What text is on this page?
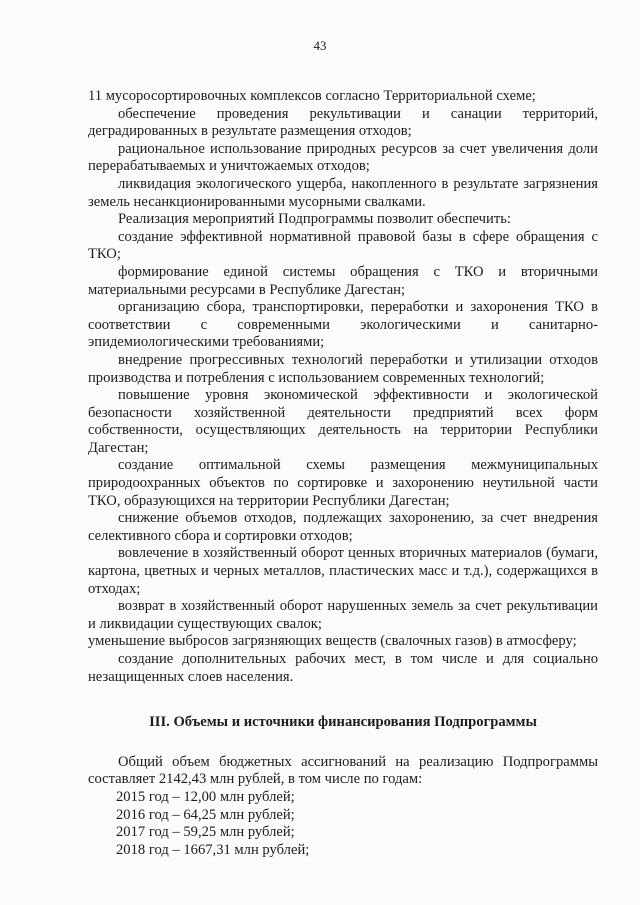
43

11 мусоросортировочных комплексов согласно Территориальной схеме;

обеспечение проведения рекультивации и санации территорий, деградированных в результате размещения отходов;

рациональное использование природных ресурсов за счет увеличения доли перерабатываемых и уничтожаемых отходов;

ликвидация экологического ущерба, накопленного в результате загрязнения земель несанкционированными мусорными свалками.

Реализация мероприятий Подпрограммы позволит обеспечить:

создание эффективной нормативной правовой базы в сфере обращения с ТКО;

формирование единой системы обращения с ТКО и вторичными материальными ресурсами в Республике Дагестан;

организацию сбора, транспортировки, переработки и захоронения ТКО в соответствии с современными экологическими и санитарно-эпидемиологическими требованиями;

внедрение прогрессивных технологий переработки и утилизации отходов производства и потребления с использованием современных технологий;

повышение уровня экономической эффективности и экологической безопасности хозяйственной деятельности предприятий всех форм собственности, осуществляющих деятельность на территории Республики Дагестан;

создание оптимальной схемы размещения межмуниципальных природоохранных объектов по сортировке и захоронению неутильной части ТКО, образующихся на территории Республики Дагестан;

снижение объемов отходов, подлежащих захоронению, за счет внедрения селективного сбора и сортировки отходов;

вовлечение в хозяйственный оборот ценных вторичных материалов (бумаги, картона, цветных и черных металлов, пластических масс и т.д.), содержащихся в отходах;

возврат в хозяйственный оборот нарушенных земель за счет рекультивации и ликвидации существующих свалок;

уменьшение выбросов загрязняющих веществ (свалочных газов) в атмосферу;

создание дополнительных рабочих мест, в том числе и для социально незащищенных слоев населения.

III. Объемы и источники финансирования Подпрограммы

Общий объем бюджетных ассигнований на реализацию Подпрограммы составляет 2142,43 млн рублей, в том числе по годам:

2015 год – 12,00 млн рублей;

2016 год – 64,25 млн рублей;

2017 год – 59,25 млн рублей;

2018 год – 1667,31 млн рублей;
